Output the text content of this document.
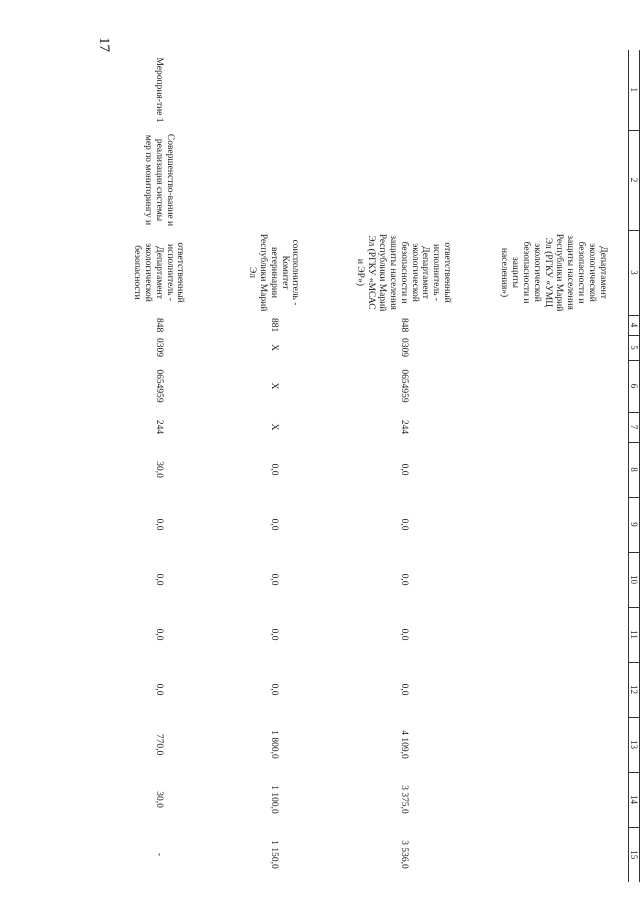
17
1	2	3	4	5	6	7	8	9	10	11	12	13	14	15
		Департамент экологической безопасности и защиты населения Республики Марий Эл (РГКУ «УМЦ экологической безопасности и защиты населения»)												
		ответственный исполнитель - Департамент экологической безопасности и защиты населения Республики Марий Эл (РГКУ «МСАС и ЭР»)	848	0309	0654959	244	0,0	0,0	0,0	0,0	0,0	4 109,0	3 375,0	3 536,0
		соисполнитель - Комитет ветеринарии Республики Марий Эл	881	X	X	X	0,0	0,0	0,0	0,0	0,0	1 800,0	1 100,0	1 150,0
Мероприя-тие 1	Совершенство-вание и реализация системы мер по мониторингу и	ответственный исполнитель - Департамент экологической безопасности	848	0309	0654959	244	30,0	0,0	0,0	0,0	0,0	770,0	30,0	-
